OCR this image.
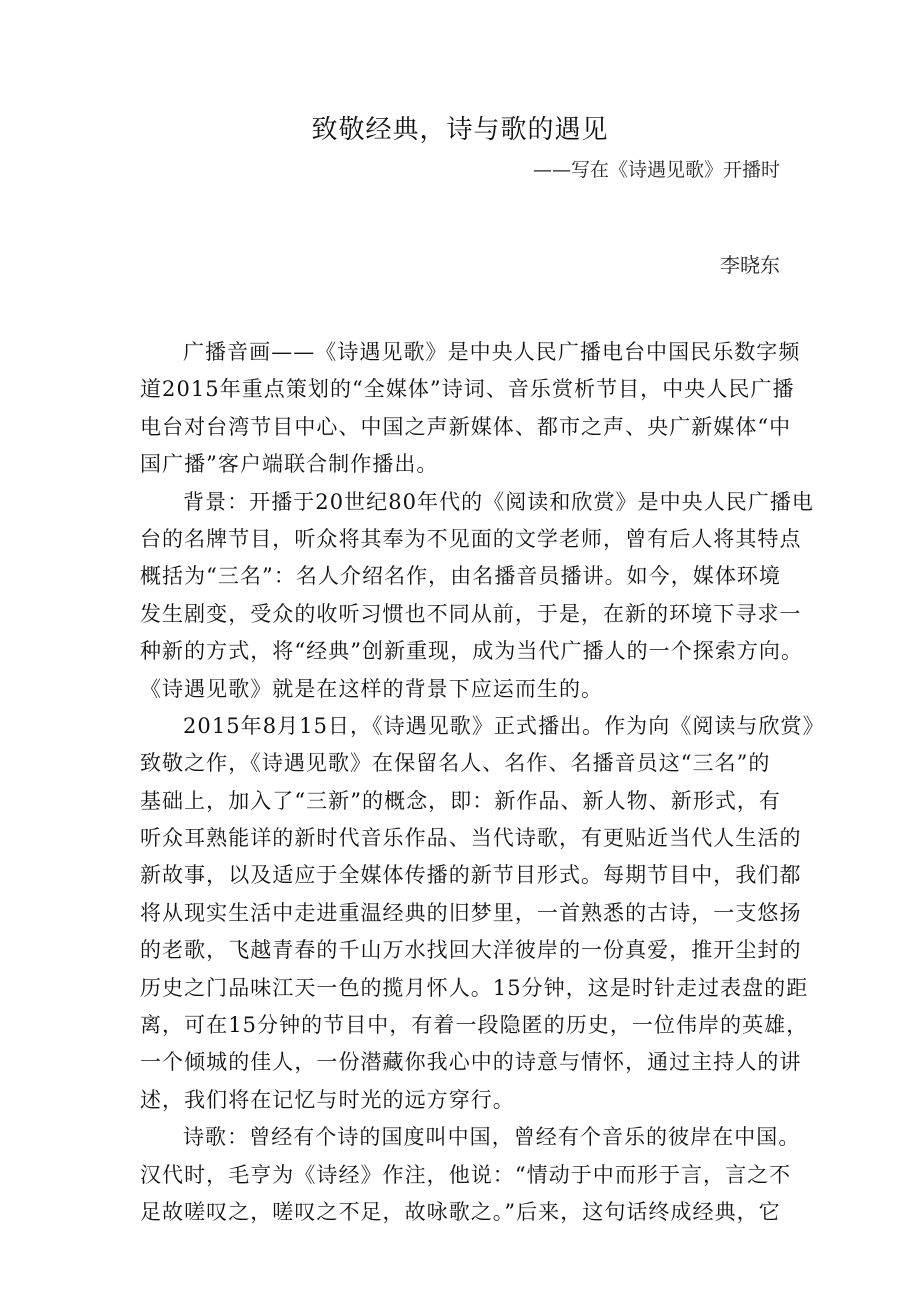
致敬经典，诗与歌的遇见
——写在《诗遇见歌》开播时
李晓东
广播音画——《诗遇见歌》是中央人民广播电台中国民乐数字频
道2015年重点策划的“全媒体”诗词、音乐赏析节目，中央人民广播
电台对台湾节目中心、中国之声新媒体、都市之声、央广新媒体“中
国广播”客户端联合制作播出。
背景：开播于20世纪80年代的《阅读和欣赏》是中央人民广播电
台的名牌节目，听众将其奉为不见面的文学老师，曾有后人将其特点
概括为“三名”：名人介绍名作，由名播音员播讲。如今，媒体环境
发生剧变，受众的收听习惯也不同从前，于是，在新的环境下寻求一
种新的方式，将“经典”创新重现，成为当代广播人的一个探索方向。
《诗遇见歌》就是在这样的背景下应运而生的。
2015年8月15日，《诗遇见歌》正式播出。作为向《阅读与欣赏》
致敬之作，《诗遇见歌》在保留名人、名作、名播音员这“三名”的
基础上，加入了“三新”的概念，即：新作品、新人物、新形式，有
听众耳熟能详的新时代音乐作品、当代诗歌，有更贴近当代人生活的
新故事，以及适应于全媒体传播的新节目形式。每期节目中，我们都
将从现实生活中走进重温经典的旧梦里，一首熟悉的古诗，一支悠扬
的老歌，飞越青春的千山万水找回大洋彼岸的一份真爱，推开尘封的
历史之门品味江天一色的揽月怀人。15分钟，这是时针走过表盘的距
离，可在15分钟的节目中，有着一段隐匿的历史，一位伟岸的英雄，
一个倾城的佳人，一份潜藏你我心中的诗意与情怀，通过主持人的讲
述，我们将在记忆与时光的远方穿行。
诗歌：曾经有个诗的国度叫中国，曾经有个音乐的彼岸在中国。
汉代时，毛亨为《诗经》作注，他说：“情动于中而形于言，言之不
足故嗟叹之，嗟叹之不足，故咏歌之。”后来，这句话终成经典，它
